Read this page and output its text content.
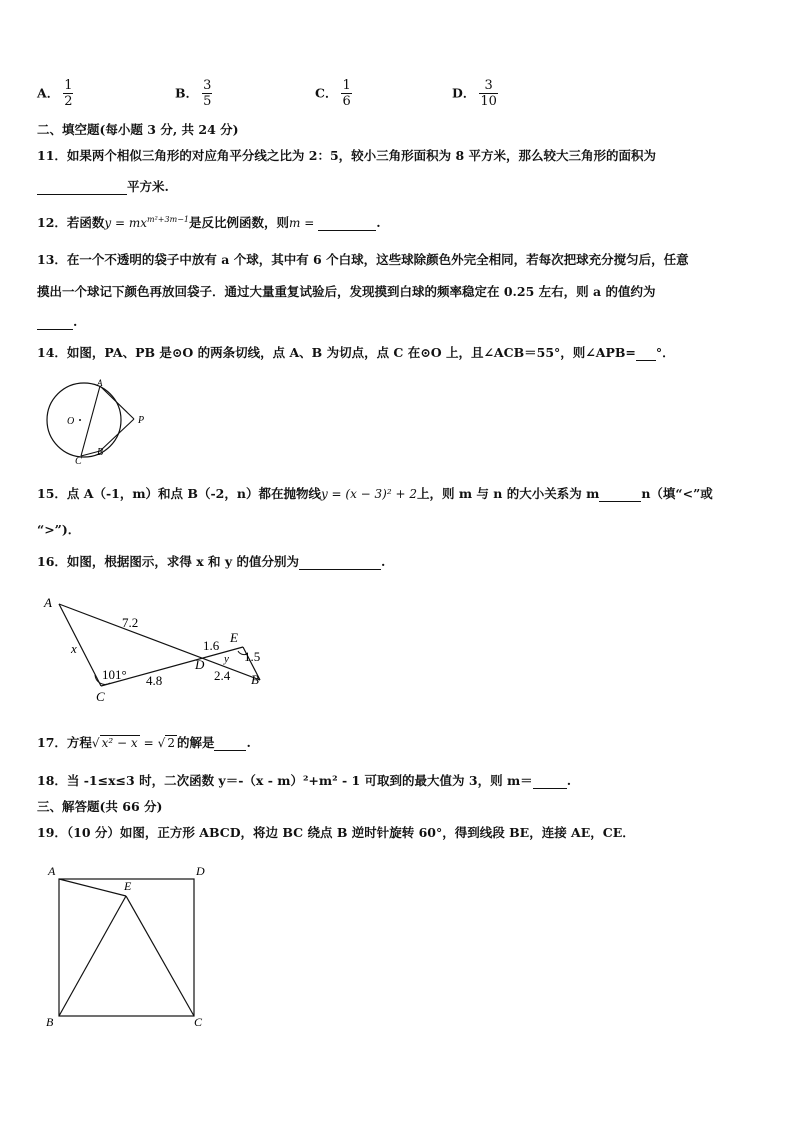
A． $\frac{1}{2}$	B． $\frac{3}{5}$	C． $\frac{1}{6}$	D． $\frac{3}{10}$
二、填空题(每小题 3 分, 共 24 分)
11．如果两个相似三角形的对应角平分线之比为 2：5，较小三角形面积为 8 平方米，那么较大三角形的面积为
平方米.
12．若函数$y = mx^{m^2+3m-1}$是反比例函数，则m =	.
13．在一个不透明的袋子中放有 a 个球，其中有 6 个白球，这些球除颜色外完全相同，若每次把球充分搅匀后，任意
摸出一个球记下颜色再放回袋子．通过大量重复试验后，发现摸到白球的频率稳定在 0.25 左右，则 a 的值约为
.
14．如图，PA、PB 是⊙O 的两条切线，点 A、B 为切点，点 C 在⊙O 上，且∠ACB＝55°，则∠APB= °．
A
O	P
C
B
15．点 A（-1，m）和点 B（-2，n）都在抛物线y = (x − 3)² + 2上，则 m 与 n 的大小关系为 m	n（填“<”或
“>”)．
16．如图，根据图示，求得 x 和 y 的值分别为	.
A
C
D
E
B
x
y
7.2
101° 4.8
1.6
1.5
2.4
17．方程√ x² − x = √ 2 的解是	.
18．当 -1≤x≤3 时，二次函数 y＝-（x - m）²+m² - 1 可取到的最大值为 3，则 m＝	.
三、解答题(共 66 分)
19．（10 分）如图，正方形 ABCD，将边 BC 绕点 B 逆时针旋转 60°，得到线段 BE，连接 AE，CE．
A	D
E
B	C
